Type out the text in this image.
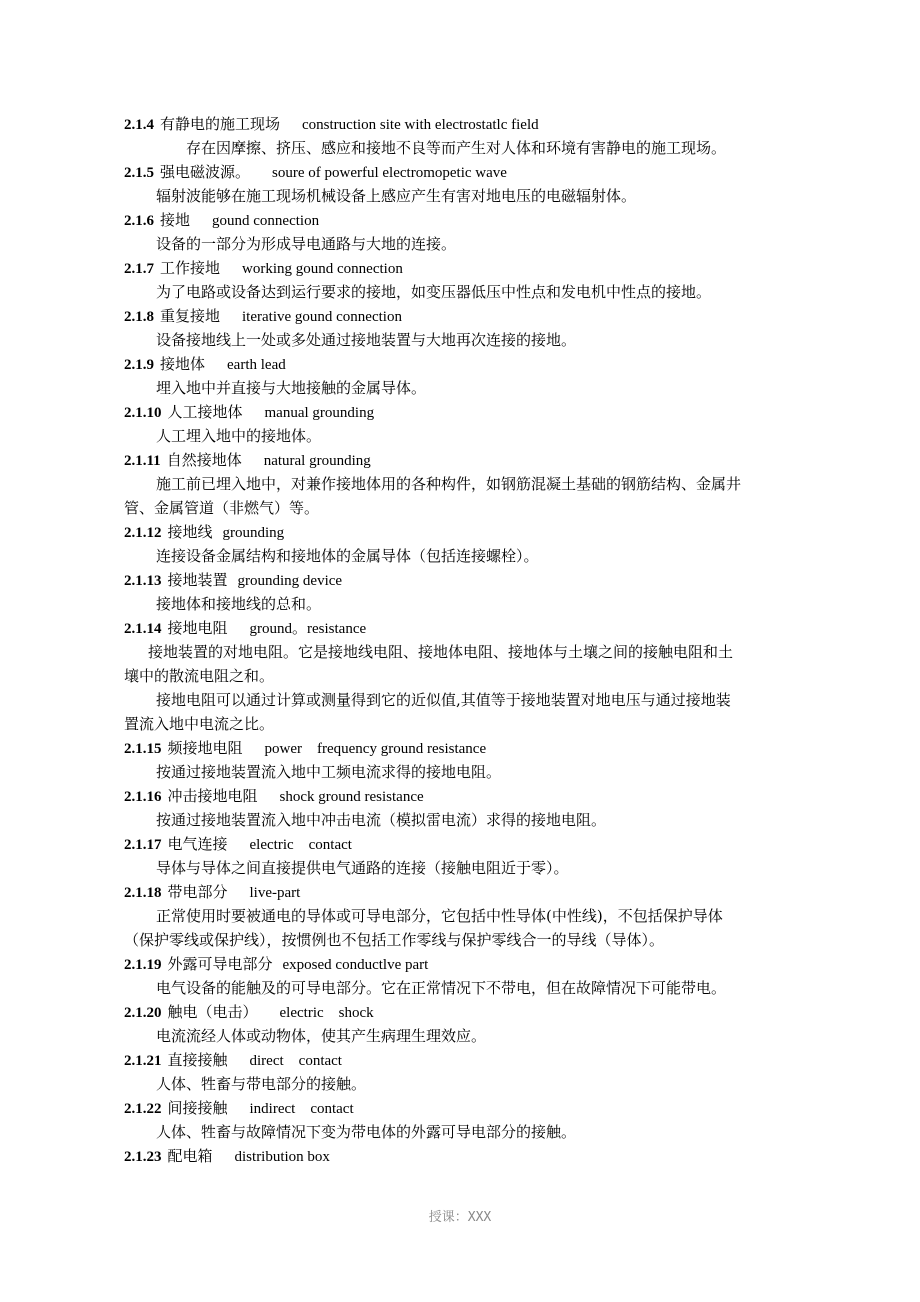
2.1.4 有静电的施工现场 construction site with electrostatlc field
存在因摩擦、挤压、感应和接地不良等而产生对人体和环境有害静电的施工现场。
2.1.5 强电磁波源。 soure of powerful electromopetic wave
辐射波能够在施工现场机械设备上感应产生有害对地电压的电磁辐射体。
2.1.6 接地 gound connection
设备的一部分为形成导电通路与大地的连接。
2.1.7 工作接地 working gound connection
为了电路或设备达到运行要求的接地，如变压器低压中性点和发电机中性点的接地。
2.1.8 重复接地 iterative gound connection
设备接地线上一处或多处通过接地装置与大地再次连接的接地。
2.1.9 接地体 earth lead
埋入地中并直接与大地接触的金属导体。
2.1.10 人工接地体 manual grounding
人工埋入地中的接地体。
2.1.11 自然接地体 natural grounding
施工前已埋入地中，对兼作接地体用的各种构件，如钢筋混凝土基础的钢筋结构、金属井
管、金属管道（非燃气）等。
2.1.12 接地线 grounding
连接设备金属结构和接地体的金属导体（包括连接螺栓）。
2.1.13 接地装置 grounding device
接地体和接地线的总和。
2.1.14 接地电阻 ground。resistance
接地装置的对地电阻。它是接地线电阻、接地体电阻、接地体与土壤之间的接触电阻和土
壤中的散流电阻之和。
接地电阻可以通过计算或测量得到它的近似值,其值等于接地装置对地电压与通过接地装
置流入地中电流之比。
2.1.15 频接地电阻 power    frequency ground resistance
按通过接地装置流入地中工频电流求得的接地电阻。
2.1.16 冲击接地电阻 shock ground resistance
按通过接地装置流入地中冲击电流（模拟雷电流）求得的接地电阻。
2.1.17 电气连接 electric    contact
导体与导体之间直接提供电气通路的连接（接触电阻近于零）。
2.1.18 带电部分 live-part
正常使用时要被通电的导体或可导电部分，它包括中性导体(中性线)，不包括保护导体
（保护零线或保护线），按惯例也不包括工作零线与保护零线合一的导线（导体）。
2.1.19 外露可导电部分 exposed conductlve part
电气设备的能触及的可导电部分。它在正常情况下不带电，但在故障情况下可能带电。
2.1.20 触电（电击） electric    shock
电流流经人体或动物体，使其产生病理生理效应。
2.1.21 直接接触 direct    contact
人体、牲畜与带电部分的接触。
2.1.22 间接接触 indirect    contact
人体、牲畜与故障情况下变为带电体的外露可导电部分的接触。
2.1.23 配电箱 distribution box
授课：XXX
